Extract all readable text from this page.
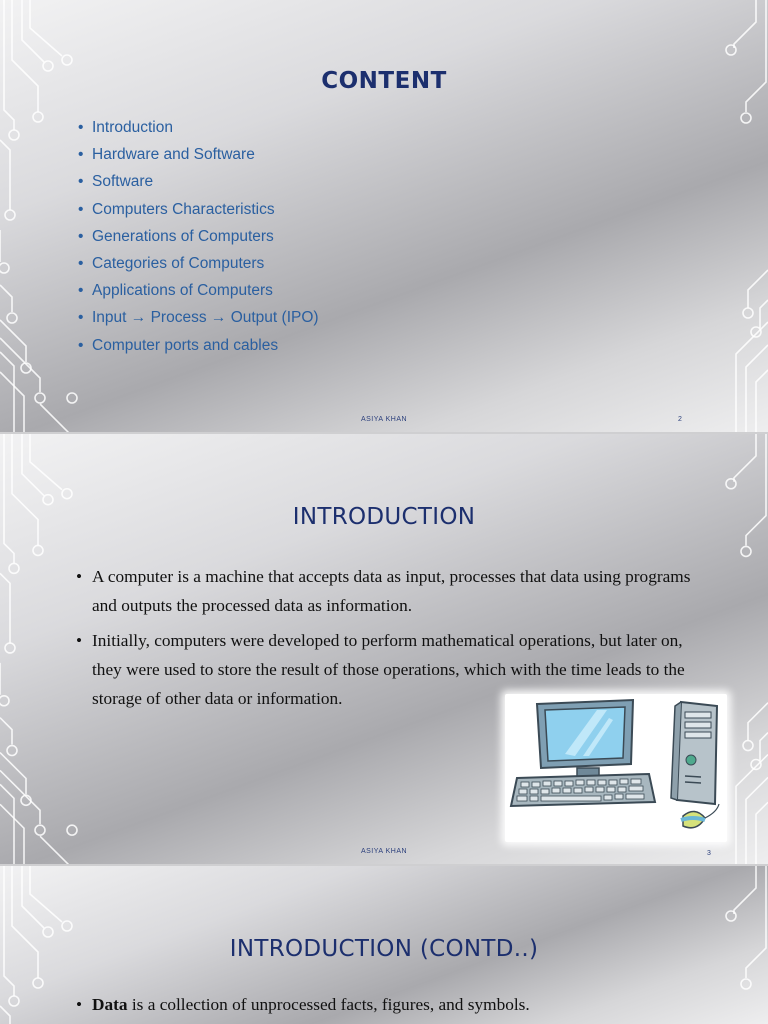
CONTENT
• Introduction
• Hardware and Software
• Software
• Computers Characteristics
• Generations of Computers
• Categories of Computers
• Applications of Computers
• Input → Process → Output (IPO)
• Computer ports and cables
ASIYA KHAN	2
INTRODUCTION
• A computer is a machine that accepts data as input, processes that data using programs and outputs the processed data as information.
• Initially, computers were developed to perform mathematical operations, but later on, they were used to store the result of those operations, which with the time leads to the storage of other data or information.
ASIYA KHAN	3
INTRODUCTION (CONTD..)
• Data is a collection of unprocessed facts, figures, and symbols.
